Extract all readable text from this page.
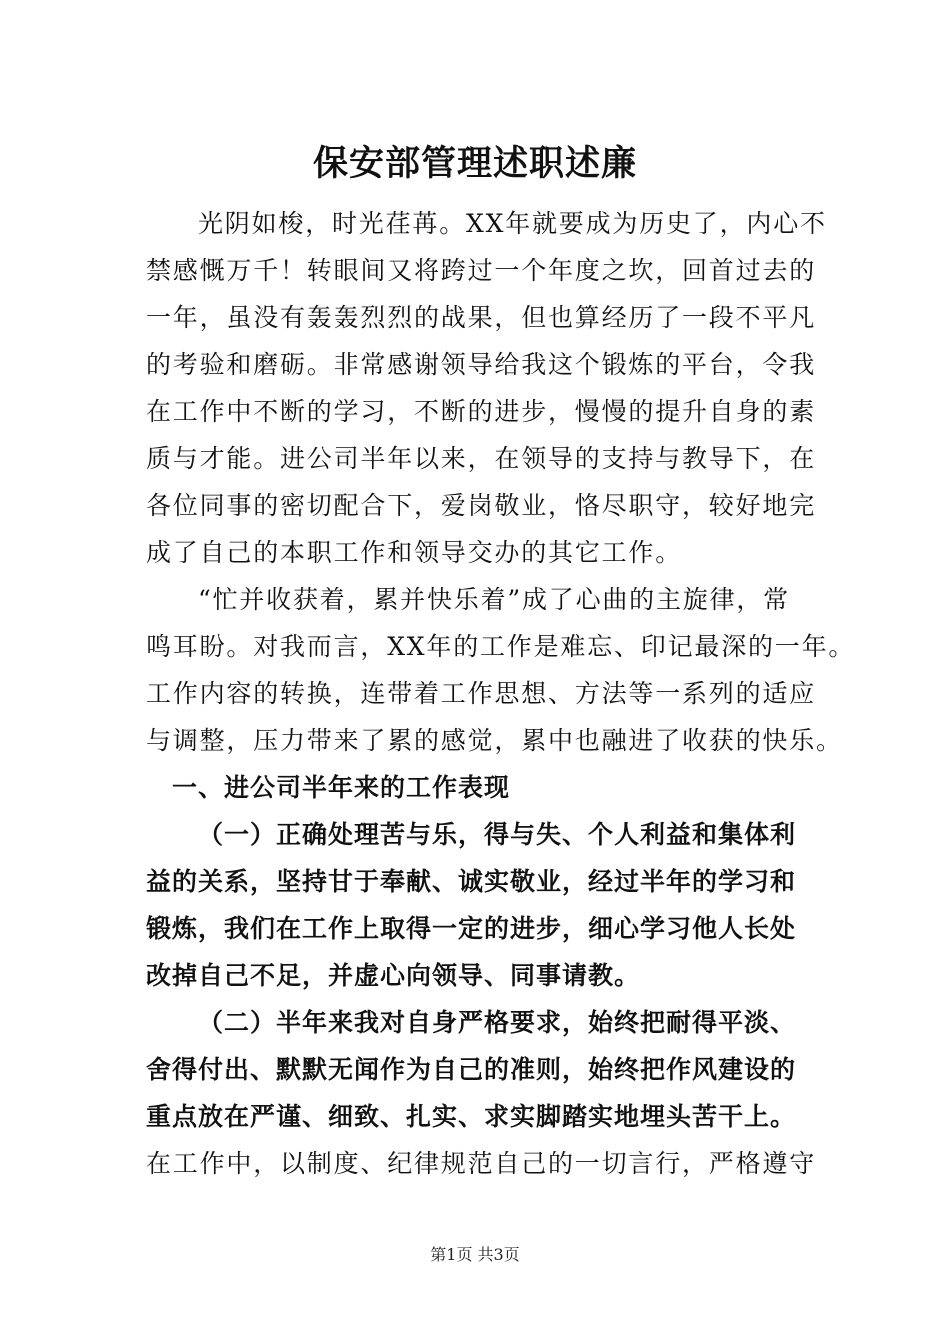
保安部管理述职述廉
光阴如梭，时光荏苒。XX年就要成为历史了，内心不
禁感慨万千！转眼间又将跨过一个年度之坎，回首过去的
一年，虽没有轰轰烈烈的战果，但也算经历了一段不平凡
的考验和磨砺。非常感谢领导给我这个锻炼的平台，令我
在工作中不断的学习，不断的进步，慢慢的提升自身的素
质与才能。进公司半年以来，在领导的支持与教导下，在
各位同事的密切配合下，爱岗敬业，恪尽职守，较好地完
成了自己的本职工作和领导交办的其它工作。
“忙并收获着，累并快乐着”成了心曲的主旋律，常
鸣耳盼。对我而言，XX年的工作是难忘、印记最深的一年。
工作内容的转换，连带着工作思想、方法等一系列的适应
与调整，压力带来了累的感觉，累中也融进了收获的快乐。
一、进公司半年来的工作表现
（一）正确处理苦与乐，得与失、个人利益和集体利
益的关系，坚持甘于奉献、诚实敬业，经过半年的学习和
锻炼，我们在工作上取得一定的进步，细心学习他人长处
改掉自己不足，并虚心向领导、同事请教。
（二）半年来我对自身严格要求，始终把耐得平淡、
舍得付出、默默无闻作为自己的准则，始终把作风建设的
重点放在严谨、细致、扎实、求实脚踏实地埋头苦干上。
在工作中，以制度、纪律规范自己的一切言行，严格遵守
第1页 共3页
